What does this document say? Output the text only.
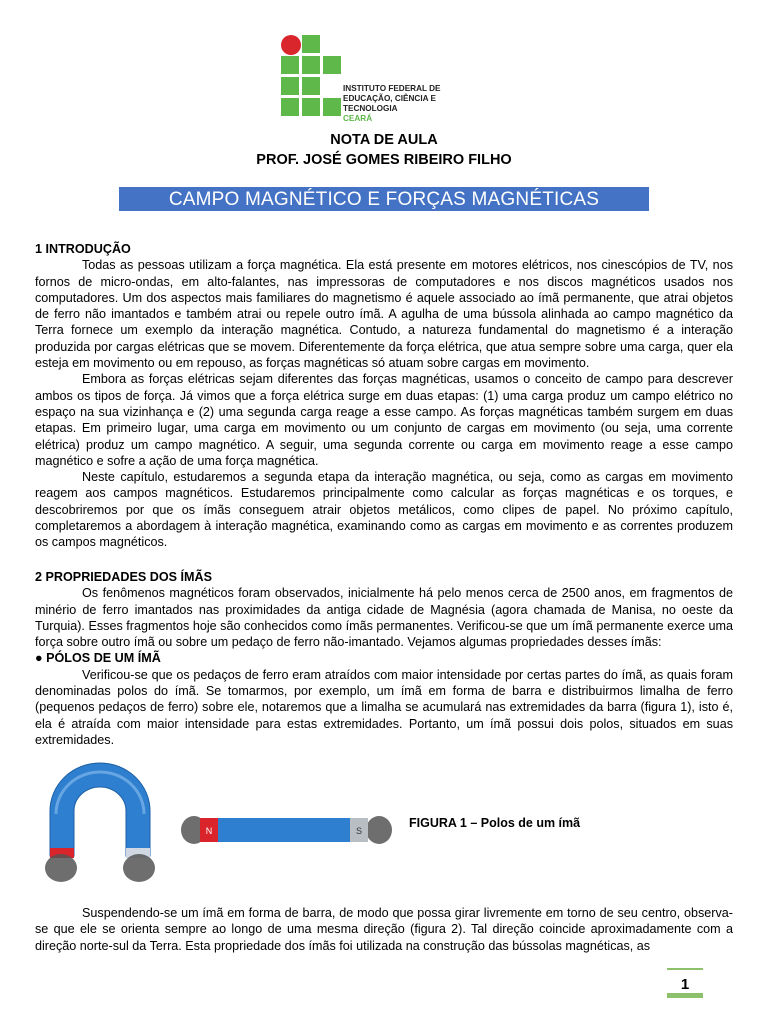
INSTITUTO FEDERAL DE
EDUCAÇÃO, CIÊNCIA E TECNOLOGIA
CEARÁ
NOTA DE AULA
PROF. JOSÉ GOMES RIBEIRO FILHO
CAMPO MAGNÉTICO E FORÇAS MAGNÉTICAS
1 INTRODUÇÃO

Todas as pessoas utilizam a força magnética. Ela está presente em motores elétricos, nos cinescópios de TV, nos fornos de micro-ondas, em alto-falantes, nas impressoras de computadores e nos discos magnéticos usados nos computadores. Um dos aspectos mais familiares do magnetismo é aquele associado ao ímã permanente, que atrai objetos de ferro não imantados e também atrai ou repele outro ímã. A agulha de uma bússola alinhada ao campo magnético da Terra fornece um exemplo da interação magnética. Contudo, a natureza fundamental do magnetismo é a interação produzida por cargas elétricas que se movem. Diferentemente da força elétrica, que atua sempre sobre uma carga, quer ela esteja em movimento ou em repouso, as forças magnéticas só atuam sobre cargas em movimento.

Embora as forças elétricas sejam diferentes das forças magnéticas, usamos o conceito de campo para descrever ambos os tipos de força. Já vimos que a força elétrica surge em duas etapas: (1) uma carga produz um campo elétrico no espaço na sua vizinhança e (2) uma segunda carga reage a esse campo. As forças magnéticas também surgem em duas etapas. Em primeiro lugar, uma carga em movimento ou um conjunto de cargas em movimento (ou seja, uma corrente elétrica) produz um campo magnético. A seguir, uma segunda corrente ou carga em movimento reage a esse campo magnético e sofre a ação de uma força magnética.

Neste capítulo, estudaremos a segunda etapa da interação magnética, ou seja, como as cargas em movimento reagem aos campos magnéticos. Estudaremos principalmente como calcular as forças magnéticas e os torques, e descobriremos por que os ímãs conseguem atrair objetos metálicos, como clipes de papel. No próximo capítulo, completaremos a abordagem à interação magnética, examinando como as cargas em movimento e as correntes produzem os campos magnéticos.

2 PROPRIEDADES DOS ÍMÃS

Os fenômenos magnéticos foram observados, inicialmente há pelo menos cerca de 2500 anos, em fragmentos de minério de ferro imantados nas proximidades da antiga cidade de Magnésia (agora chamada de Manisa, no oeste da Turquia). Esses fragmentos hoje são conhecidos como ímãs permanentes. Verificou-se que um ímã permanente exerce uma força sobre outro ímã ou sobre um pedaço de ferro não-imantado. Vejamos algumas propriedades desses ímãs:

● PÓLOS DE UM ÍMÃ

Verificou-se que os pedaços de ferro eram atraídos com maior intensidade por certas partes do ímã, as quais foram denominadas polos do ímã. Se tomarmos, por exemplo, um ímã em forma de barra e distribuirmos limalha de ferro (pequenos pedaços de ferro) sobre ele, notaremos que a limalha se acumulará nas extremidades da barra (figura 1), isto é, ela é atraída com maior intensidade para estas extremidades. Portanto, um ímã possui dois polos, situados em suas extremidades.

N	S
FIGURA 1 – Polos de um ímã

Suspendendo-se um ímã em forma de barra, de modo que possa girar livremente em torno de seu centro, observa-se que ele se orienta sempre ao longo de uma mesma direção (figura 2). Tal direção coincide aproximadamente com a direção norte-sul da Terra. Esta propriedade dos ímãs foi utilizada na construção das bússolas magnéticas, as

1
